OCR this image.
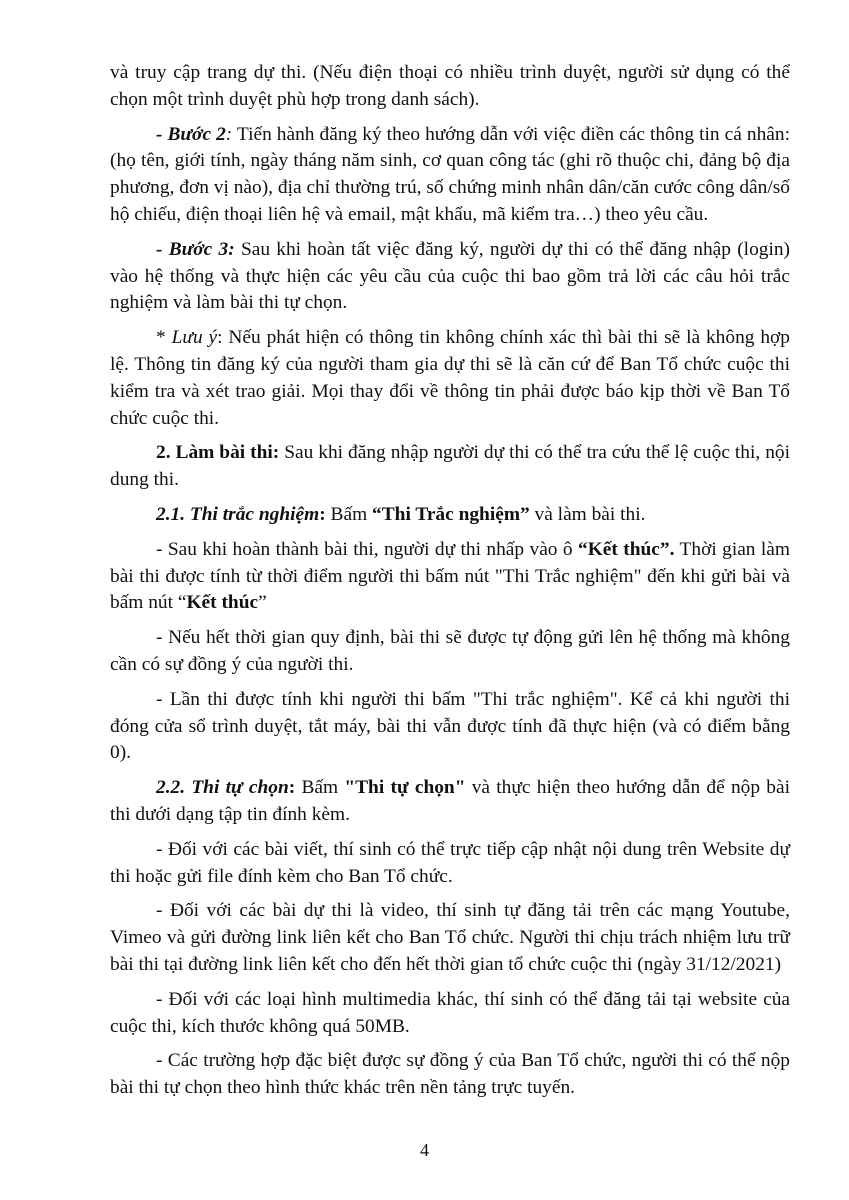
và truy cập trang dự thi. (Nếu điện thoại có nhiều trình duyệt, người sử dụng có thể chọn một trình duyệt phù hợp trong danh sách).

- Bước 2: Tiến hành đăng ký theo hướng dẫn với việc điền các thông tin cá nhân: (họ tên, giới tính, ngày tháng năm sinh, cơ quan công tác (ghi rõ thuộc chi, đảng bộ địa phương, đơn vị nào), địa chỉ thường trú, số chứng minh nhân dân/căn cước công dân/số hộ chiếu, điện thoại liên hệ và email, mật khẩu, mã kiểm tra…) theo yêu cầu.

- Bước 3: Sau khi hoàn tất việc đăng ký, người dự thi có thể đăng nhập (login) vào hệ thống và thực hiện các yêu cầu của cuộc thi bao gồm trả lời các câu hỏi trắc nghiệm và làm bài thi tự chọn.

* Lưu ý: Nếu phát hiện có thông tin không chính xác thì bài thi sẽ là không hợp lệ. Thông tin đăng ký của người tham gia dự thi sẽ là căn cứ để Ban Tổ chức cuộc thi kiểm tra và xét trao giải. Mọi thay đổi về thông tin phải được báo kịp thời về Ban Tổ chức cuộc thi.

2. Làm bài thi: Sau khi đăng nhập người dự thi có thể tra cứu thể lệ cuộc thi, nội dung thi.

2.1. Thi trắc nghiệm: Bấm “Thi Trắc nghiệm” và làm bài thi.

- Sau khi hoàn thành bài thi, người dự thi nhấp vào ô “Kết thúc”. Thời gian làm bài thi được tính từ thời điểm người thi bấm nút "Thi Trắc nghiệm" đến khi gửi bài và bấm nút “Kết thúc”

- Nếu hết thời gian quy định, bài thi sẽ được tự động gửi lên hệ thống mà không cần có sự đồng ý của người thi.

- Lần thi được tính khi người thi bấm "Thi trắc nghiệm". Kể cả khi người thi đóng cửa sổ trình duyệt, tắt máy, bài thi vẫn được tính đã thực hiện (và có điểm bằng 0).

2.2. Thi tự chọn: Bấm "Thi tự chọn" và thực hiện theo hướng dẫn để nộp bài thi dưới dạng tập tin đính kèm.

- Đối với các bài viết, thí sinh có thể trực tiếp cập nhật nội dung trên Website dự thi hoặc gửi file đính kèm cho Ban Tổ chức.

- Đối với các bài dự thi là video, thí sinh tự đăng tải trên các mạng Youtube, Vimeo và gửi đường link liên kết cho Ban Tổ chức. Người thi chịu trách nhiệm lưu trữ bài thi tại đường link liên kết cho đến hết thời gian tổ chức cuộc thi (ngày 31/12/2021)

- Đối với các loại hình multimedia khác, thí sinh có thể đăng tải tại website của cuộc thi, kích thước không quá 50MB.

- Các trường hợp đặc biệt được sự đồng ý của Ban Tổ chức, người thi có thể nộp bài thi tự chọn theo hình thức khác trên nền tảng trực tuyến.

4
